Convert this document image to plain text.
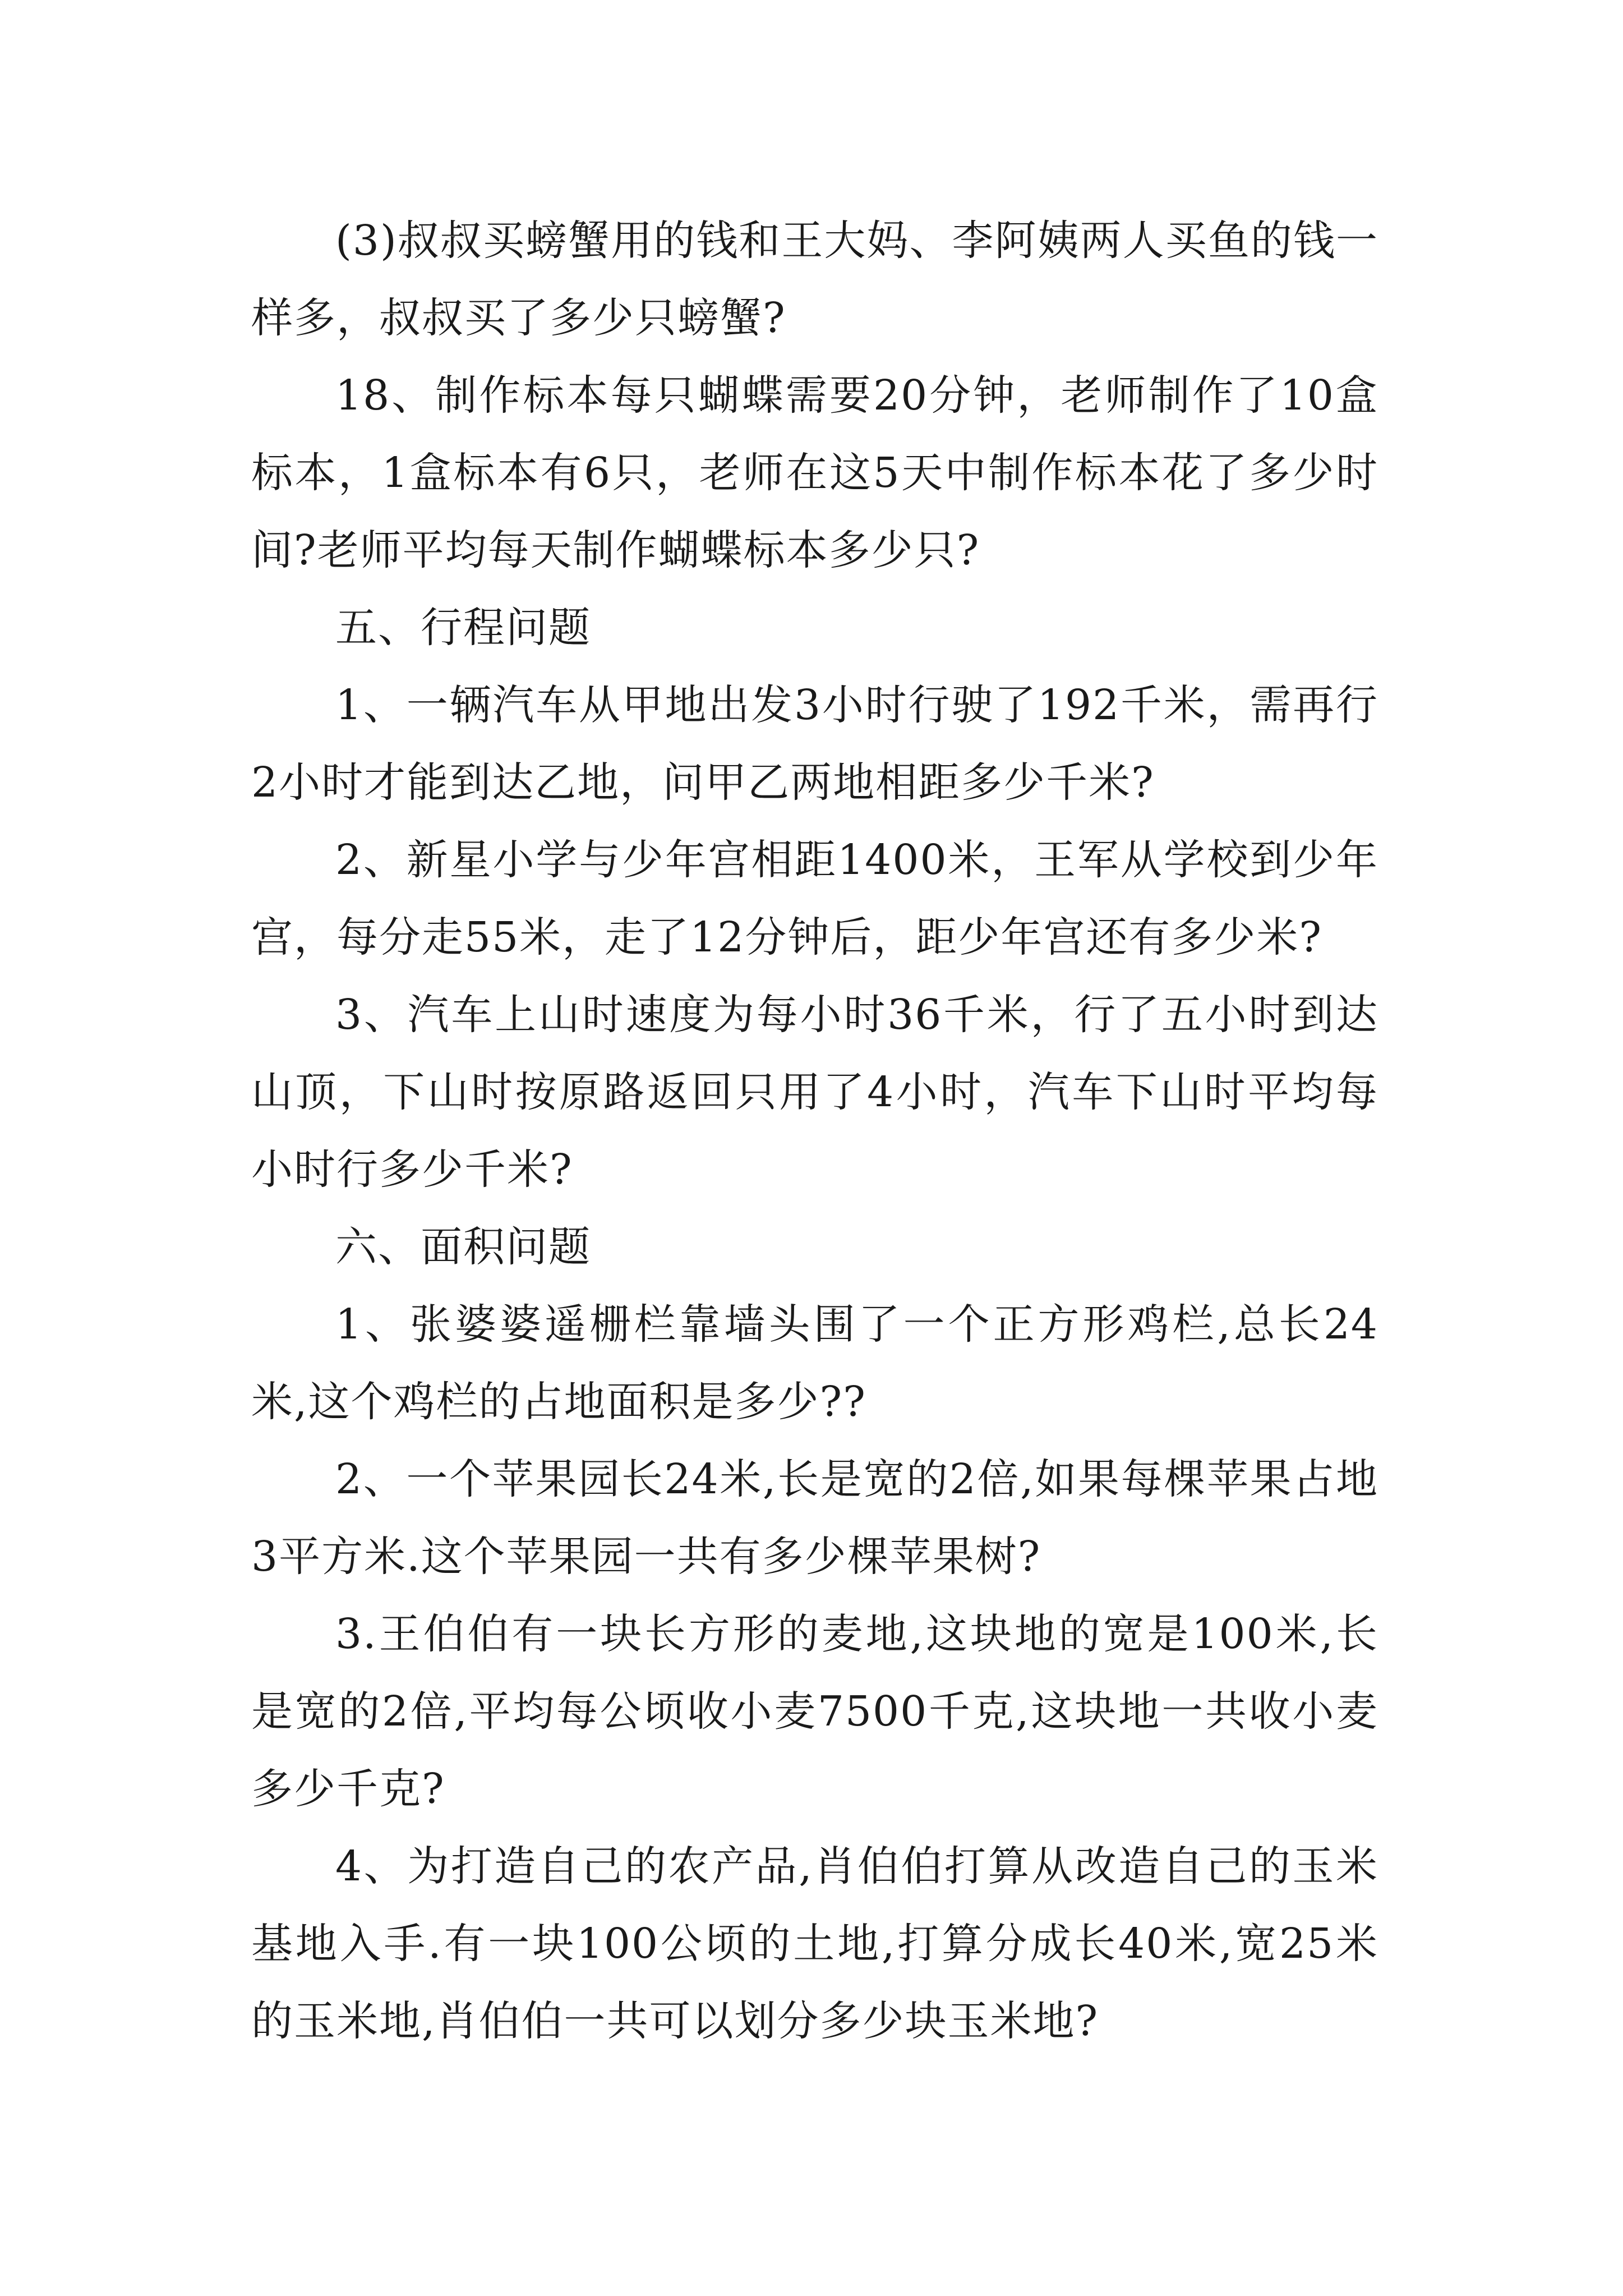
(3)叔叔买螃蟹用的钱和王大妈、李阿姨两人买鱼的钱一样多，叔叔买了多少只螃蟹?

18、制作标本每只蝴蝶需要20分钟，老师制作了10盒标本，1盒标本有6只，老师在这5天中制作标本花了多少时间?老师平均每天制作蝴蝶标本多少只?

五、行程问题

1、一辆汽车从甲地出发3小时行驶了192千米，需再行2小时才能到达乙地，问甲乙两地相距多少千米?

2、新星小学与少年宫相距1400米，王军从学校到少年宫，每分走55米，走了12分钟后，距少年宫还有多少米?

3、汽车上山时速度为每小时36千米，行了五小时到达山顶，下山时按原路返回只用了4小时，汽车下山时平均每小时行多少千米?

六、面积问题

1、张婆婆遥栅栏靠墙头围了一个正方形鸡栏,总长24米,这个鸡栏的占地面积是多少??

2、一个苹果园长24米,长是宽的2倍,如果每棵苹果占地3平方米.这个苹果园一共有多少棵苹果树?

3.王伯伯有一块长方形的麦地,这块地的宽是100米,长是宽的2倍,平均每公顷收小麦7500千克,这块地一共收小麦多少千克?

4、为打造自己的农产品,肖伯伯打算从改造自己的玉米基地入手.有一块100公顷的土地,打算分成长40米,宽25米的玉米地,肖伯伯一共可以划分多少块玉米地?
